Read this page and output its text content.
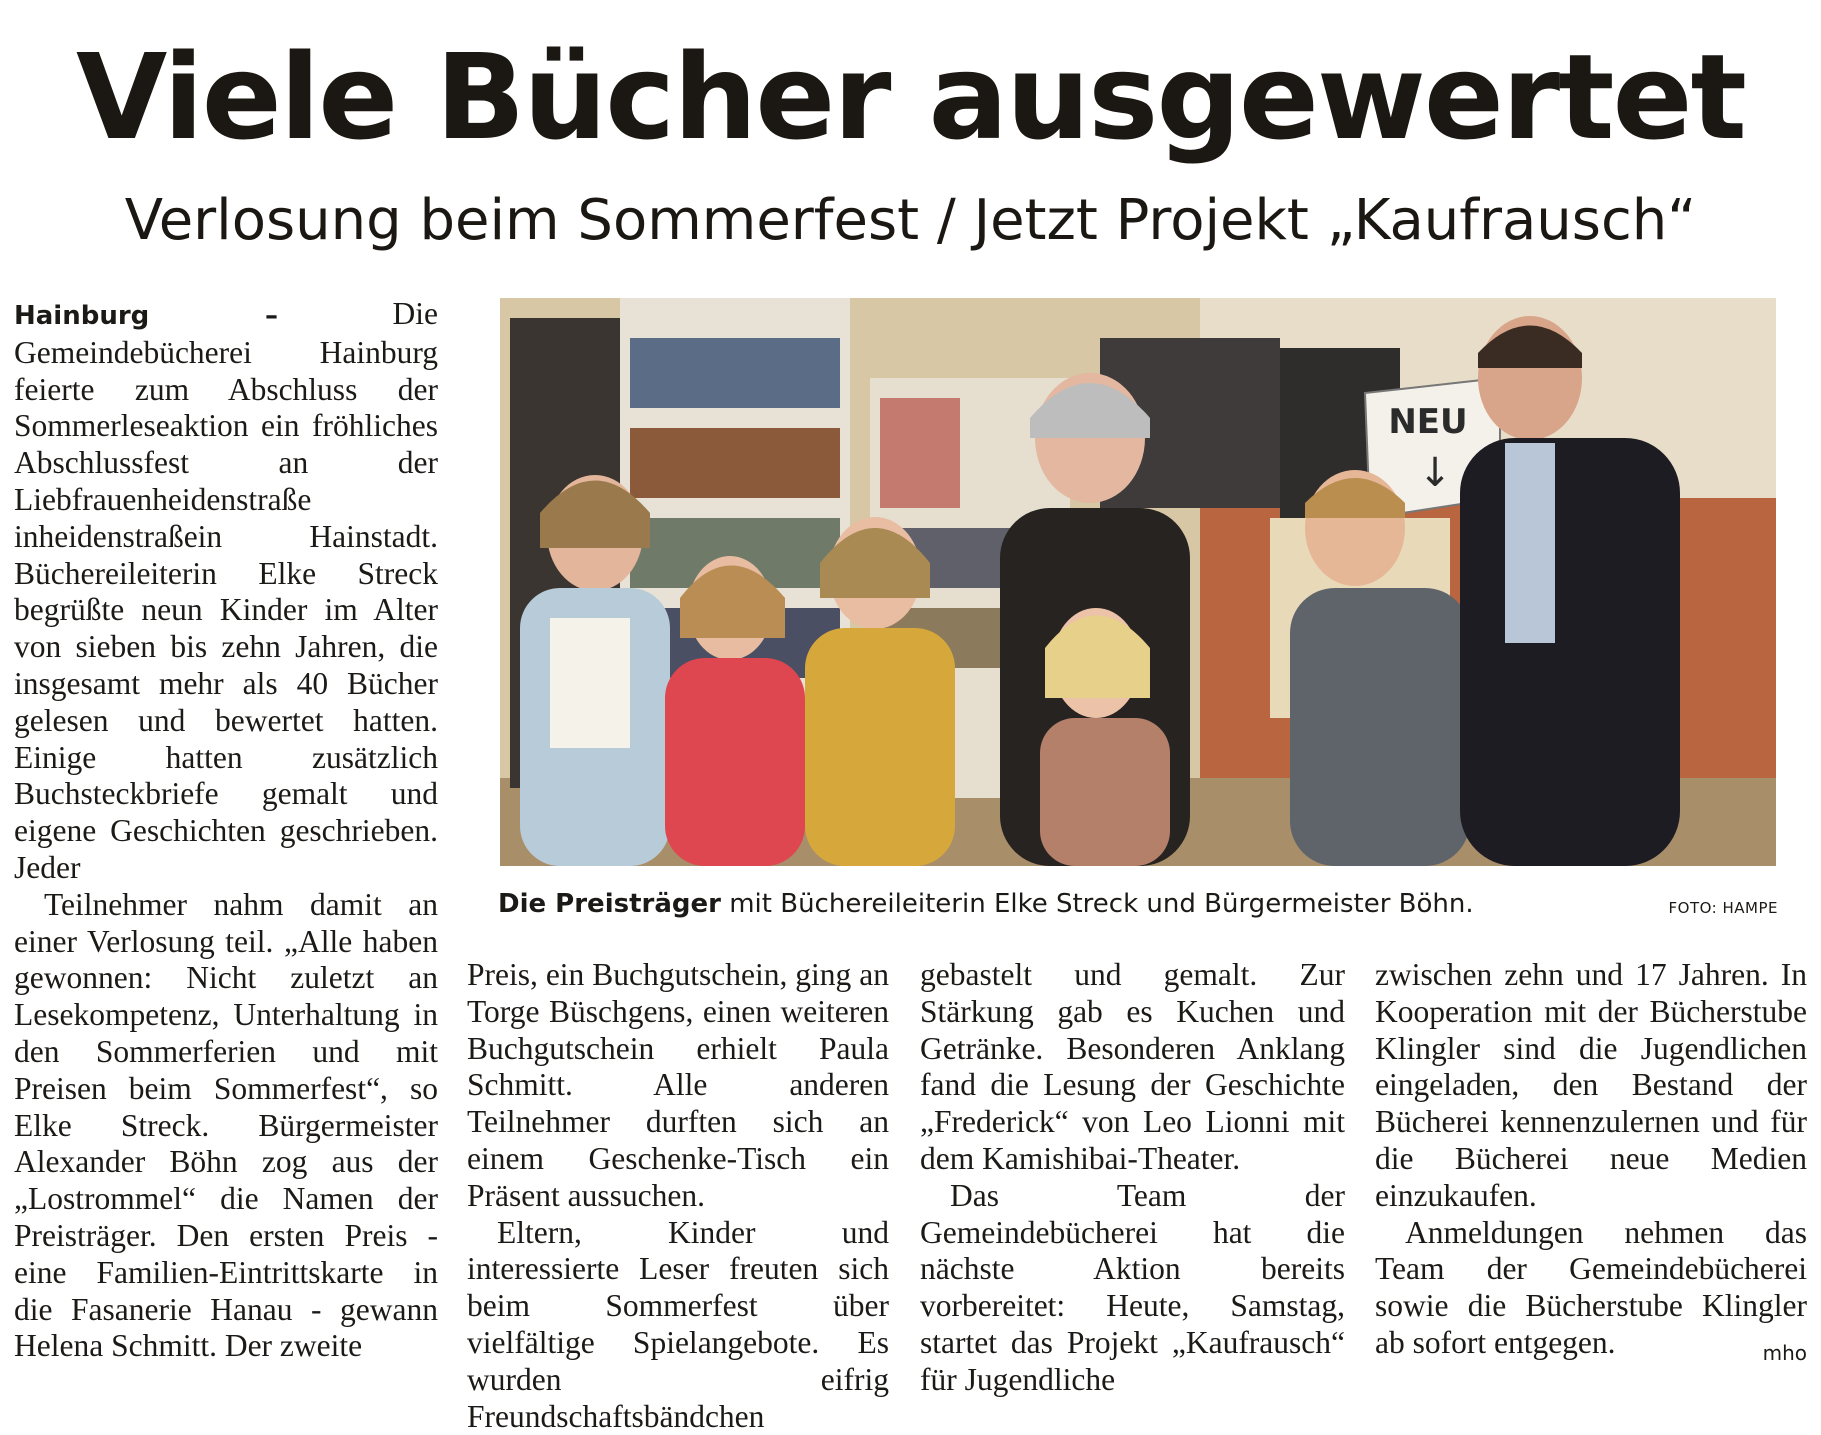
Viele Bücher ausgewertet
Verlosung beim Sommerfest / Jetzt Projekt „Kaufrausch“

Hainburg –	Die Gemeindebücherei Hainburg feierte zum Abschluss der Sommerleseaktion ein fröhliches Abschlussfest an der Liebfrauenheidenstraße inheidenstraßein Hainstadt. Büchereileiterin Elke Streck begrüßte neun Kinder im Alter von sieben bis zehn Jahren, die insgesamt mehr als 40 Bücher gelesen und bewertet hatten. Einige hatten zusätzlich Buchsteckbriefe gemalt und eigene Geschichten geschrieben. Jeder

Teilnehmer nahm damit an einer Verlosung teil. „Alle haben gewonnen: Nicht zuletzt an Lesekompetenz, Unterhaltung in den Sommerferien und mit Preisen beim Sommerfest“, so Elke Streck. Bürgermeister Alexander Böhn zog aus der „Lostrommel“ die Namen der Preisträger. Den ersten Preis - eine Familien-Eintrittskarte in die Fasanerie Hanau - gewann Helena Schmitt. Der zweite

NEU
↓
Die Preisträger mit Büchereileiterin Elke Streck und Bürgermeister Böhn.	FOTO: HAMPE

Preis, ein Buchgutschein, ging an Torge Büschgens, einen weiteren Buchgutschein erhielt Paula Schmitt. Alle anderen Teilnehmer durften sich an einem Geschenke-Tisch ein Präsent aussuchen.

Eltern, Kinder und interessierte Leser freuten sich beim Sommerfest über vielfältige Spielangebote. Es wurden eifrig Freundschaftsbändchen

gebastelt und gemalt. Zur Stärkung gab es Kuchen und Getränke. Besonderen Anklang fand die Lesung der Geschichte „Frederick“ von Leo Lionni mit dem Kamishibai-Theater.

Das Team der Gemeindebücherei hat die nächste Aktion bereits vorbereitet: Heute, Samstag, startet das Projekt „Kaufrausch“ für Jugendliche

zwischen zehn und 17 Jahren. In Kooperation mit der Bücherstube Klingler sind die Jugendlichen eingeladen, den Bestand der Bücherei kennenzulernen und für die Bücherei neue Medien einzukaufen.

Anmeldungen nehmen das Team der Gemeindebücherei sowie die Bücherstube Klingler ab sofort entgegen.	mho
